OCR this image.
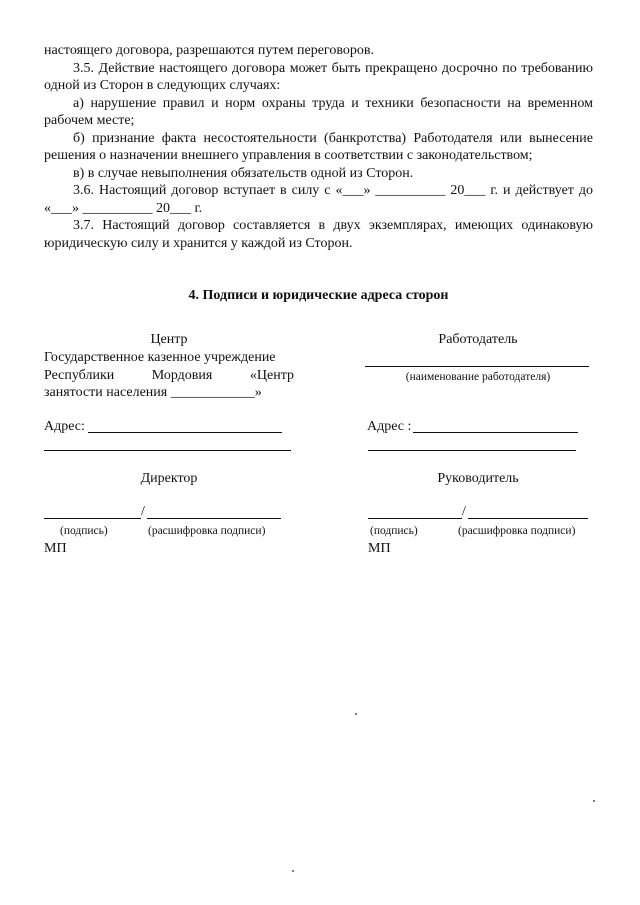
настоящего договора, разрешаются путем переговоров.

3.5. Действие настоящего договора может быть прекращено досрочно по требованию одной из Сторон в следующих случаях:

а) нарушение правил и норм охраны труда и техники безопасности на временном рабочем месте;

б) признание факта несостоятельности (банкротства) Работодателя или вынесение решения о назначении внешнего управления в соответствии с законодательством;

в) в случае невыполнения обязательств одной из Сторон.

3.6. Настоящий договор вступает в силу с «___» __________ 20___ г. и действует до «___» __________ 20___ г.

3.7. Настоящий договор составляется в двух экземплярах, имеющих одинаковую юридическую силу и хранится у каждой из Сторон.

4. Подписи и юридические адреса сторон
Центр
Государственное казенное учреждение
Республики Мордовия «Центр
занятости населения ____________»
Адрес:
Директор
/
(подпись)	(расшифровка подписи)
МП
Работодатель
(наименование работодателя)
Адрес :
Руководитель
/
(подпись)	(расшифровка подписи)
МП
